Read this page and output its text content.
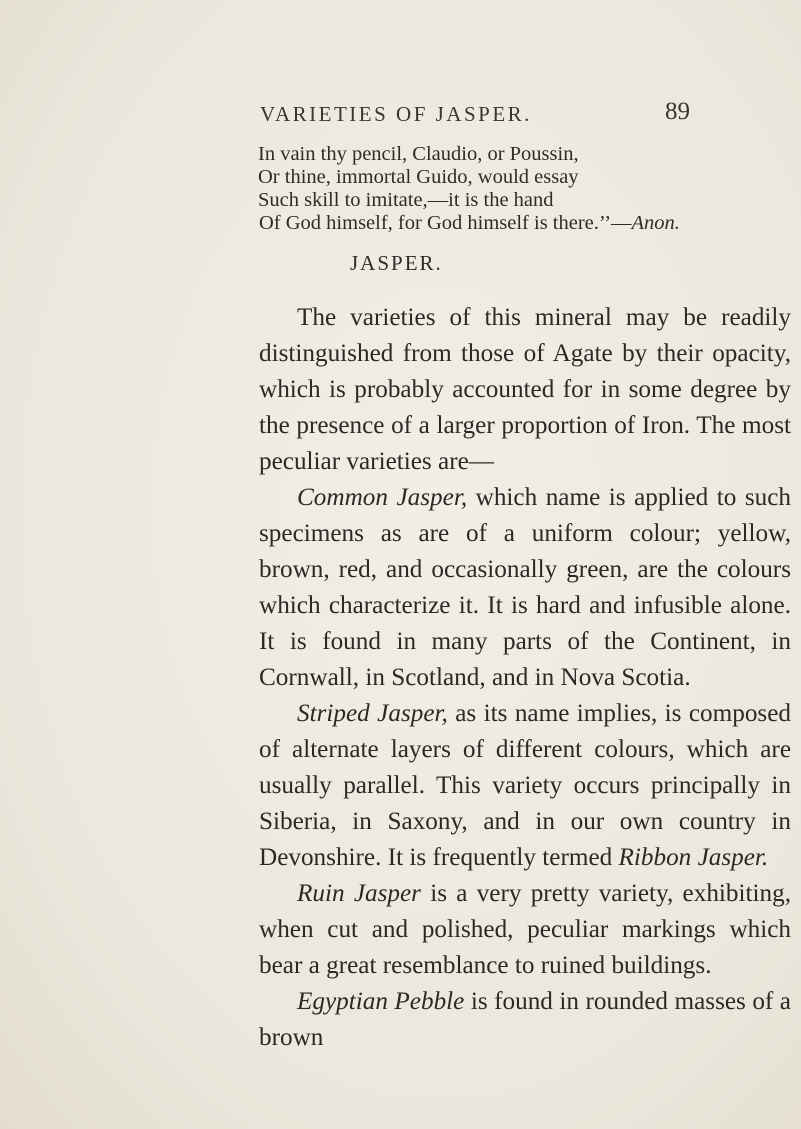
VARIETIES OF JASPER.	89
In vain thy pencil, Claudio, or Poussin,
Or thine, immortal Guido, would essay
Such skill to imitate,—it is the hand
Of God himself, for God himself is there.’’—Anon.
JASPER.

The varieties of this mineral may be readily distinguished from those of Agate by their opacity, which is probably accounted for in some degree by the presence of a larger proportion of Iron. The most peculiar varieties are—

Common Jasper, which name is applied to such specimens as are of a uniform colour; yellow, brown, red, and occasionally green, are the colours which characterize it. It is hard and infusible alone. It is found in many parts of the Continent, in Cornwall, in Scotland, and in Nova Scotia.

Striped Jasper, as its name implies, is composed of alternate layers of different colours, which are usually parallel. This variety occurs principally in Siberia, in Saxony, and in our own country in Devonshire. It is frequently termed Ribbon Jasper.

Ruin Jasper is a very pretty variety, exhibiting, when cut and polished, peculiar markings which bear a great resemblance to ruined buildings.

Egyptian Pebble is found in rounded masses of a brown
